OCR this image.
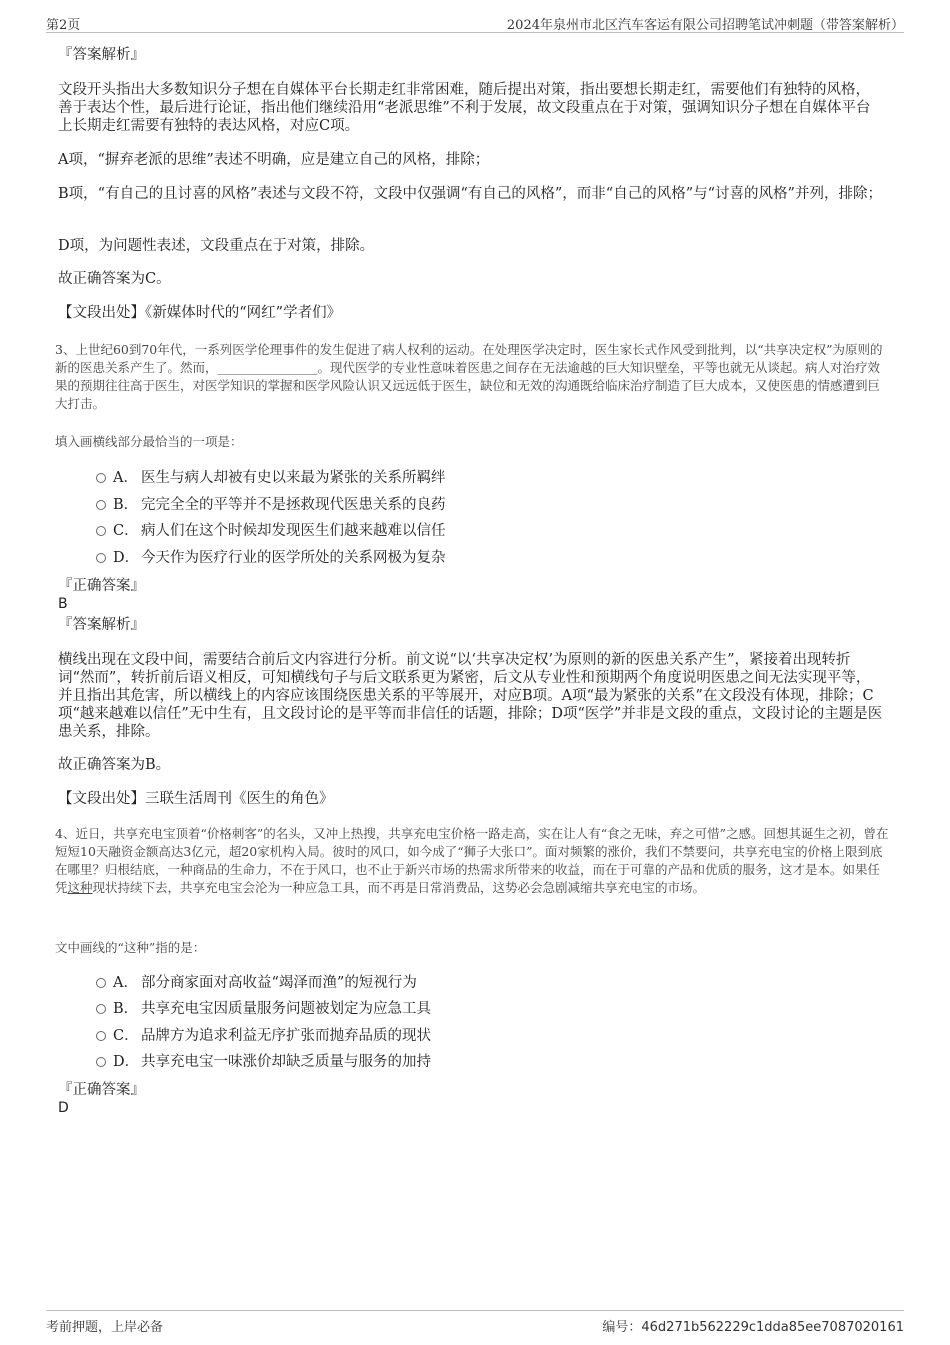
第2页	2024年泉州市北区汽车客运有限公司招聘笔试冲刺题（带答案解析）
『答案解析』
文段开头指出大多数知识分子想在自媒体平台长期走红非常困难，随后提出对策，指出要想长期走红，需要他们有独特的风格，善于表达个性，最后进行论证，指出他们继续沿用“老派思维”不利于发展，故文段重点在于对策，强调知识分子想在自媒体平台上长期走红需要有独特的表达风格，对应C项。
A项，“摒弃老派的思维”表述不明确，应是建立自己的风格，排除；
B项，“有自己的且讨喜的风格”表述与文段不符，文段中仅强调“有自己的风格”，而非“自己的风格”与“讨喜的风格”并列，排除；
D项，为问题性表述，文段重点在于对策，排除。
故正确答案为C。
【文段出处】《新媒体时代的“网红”学者们》
3、上世纪60到70年代，一系列医学伦理事件的发生促进了病人权利的运动。在处理医学决定时，医生家长式作风受到批判，以“共享决定权”为原则的新的医患关系产生了。然而，________________。现代医学的专业性意味着医患之间存在无法逾越的巨大知识壁垒，平等也就无从谈起。病人对治疗效果的预期往往高于医生，对医学知识的掌握和医学风险认识又远远低于医生，缺位和无效的沟通既给临床治疗制造了巨大成本，又使医患的情感遭到巨大打击。
填入画横线部分最恰当的一项是：
A． 医生与病人却被有史以来最为紧张的关系所羁绊
B． 完完全全的平等并不是拯救现代医患关系的良药
C． 病人们在这个时候却发现医生们越来越难以信任
D． 今天作为医疗行业的医学所处的关系网极为复杂
『正确答案』
B
『答案解析』
横线出现在文段中间，需要结合前后文内容进行分析。前文说“以‘共享决定权’为原则的新的医患关系产生”，紧接着出现转折词“然而”，转折前后语义相反，可知横线句子与后文联系更为紧密，后文从专业性和预期两个角度说明医患之间无法实现平等，并且指出其危害，所以横线上的内容应该围绕医患关系的平等展开，对应B项。A项“最为紧张的关系”在文段没有体现，排除；C项“越来越难以信任”无中生有，且文段讨论的是平等而非信任的话题，排除；D项“医学”并非是文段的重点，文段讨论的主题是医患关系，排除。
故正确答案为B。
【文段出处】三联生活周刊《医生的角色》
4、近日，共享充电宝顶着“价格刺客”的名头，又冲上热搜，共享充电宝价格一路走高，实在让人有“食之无味，弃之可惜”之感。回想其诞生之初，曾在短短10天融资金额高达3亿元，超20家机构入局。彼时的风口，如今成了“狮子大张口”。面对频繁的涨价，我们不禁要问，共享充电宝的价格上限到底在哪里？归根结底，一种商品的生命力，不在于风口，也不止于新兴市场的热需求所带来的收益，而在于可靠的产品和优质的服务，这才是本。如果任凭这种现状持续下去，共享充电宝会沦为一种应急工具，而不再是日常消费品，这势必会急剧减缩共享充电宝的市场。
文中画线的“这种”指的是：
A． 部分商家面对高收益“竭泽而渔”的短视行为
B． 共享充电宝因质量服务问题被划定为应急工具
C． 品牌方为追求利益无序扩张而抛弃品质的现状
D． 共享充电宝一味涨价却缺乏质量与服务的加持
『正确答案』
D
考前押题，上岸必备	编号：46d271b562229c1dda85ee7087020161
